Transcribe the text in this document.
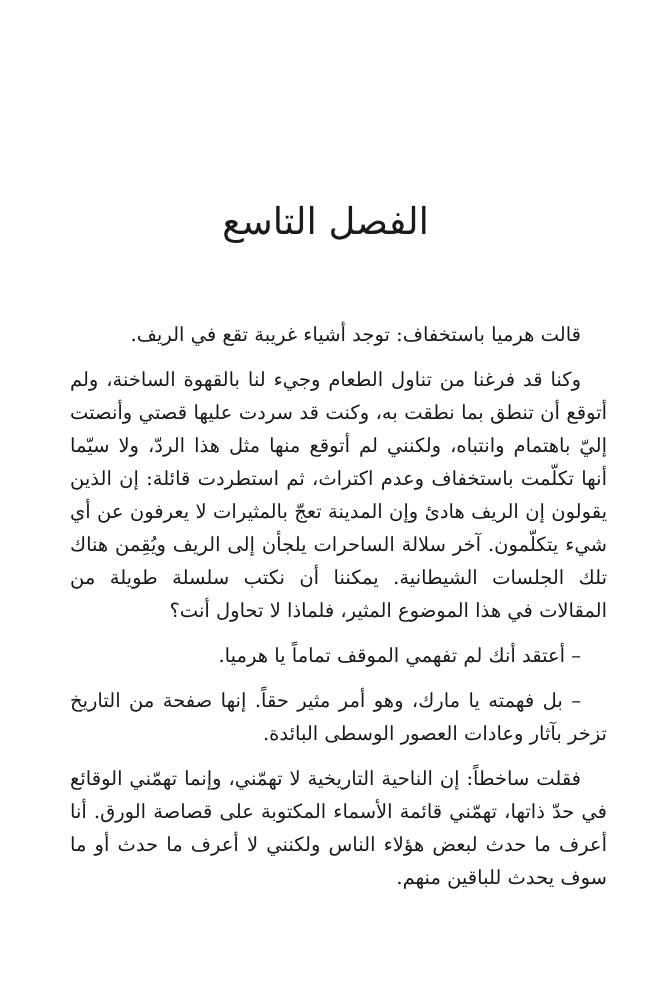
الفصل التاسع

قالت هرميا باستخفاف: توجد أشياء غريبة تقع في الريف.

وكنا قد فرغنا من تناول الطعام وجيء لنا بالقهوة الساخنة، ولم أتوقع أن تنطق بما نطقت به، وكنت قد سردت عليها قصتي وأنصتت إليّ باهتمام وانتباه، ولكنني لم أتوقع منها مثل هذا الردّ، ولا سيّما أنها تكلّمت باستخفاف وعدم اكتراث، ثم استطردت قائلة: إن الذين يقولون إن الريف هادئ وإن المدينة تعجّ بالمثيرات لا يعرفون عن أي شيء يتكلّمون. آخر سلالة الساحرات يلجأن إلى الريف ويُقِمن هناك تلك الجلسات الشيطانية. يمكننا أن نكتب سلسلة طويلة من المقالات في هذا الموضوع المثير، فلماذا لا تحاول أنت؟

– أعتقد أنك لم تفهمي الموقف تماماً يا هرميا.

– بل فهمته يا مارك، وهو أمر مثير حقاً. إنها صفحة من التاريخ تزخر بآثار وعادات العصور الوسطى البائدة.

فقلت ساخطاً: إن الناحية التاريخية لا تهمّني، وإنما تهمّني الوقائع في حدّ ذاتها، تهمّني قائمة الأسماء المكتوبة على قصاصة الورق. أنا أعرف ما حدث لبعض هؤلاء الناس ولكنني لا أعرف ما حدث أو ما سوف يحدث للباقين منهم.
